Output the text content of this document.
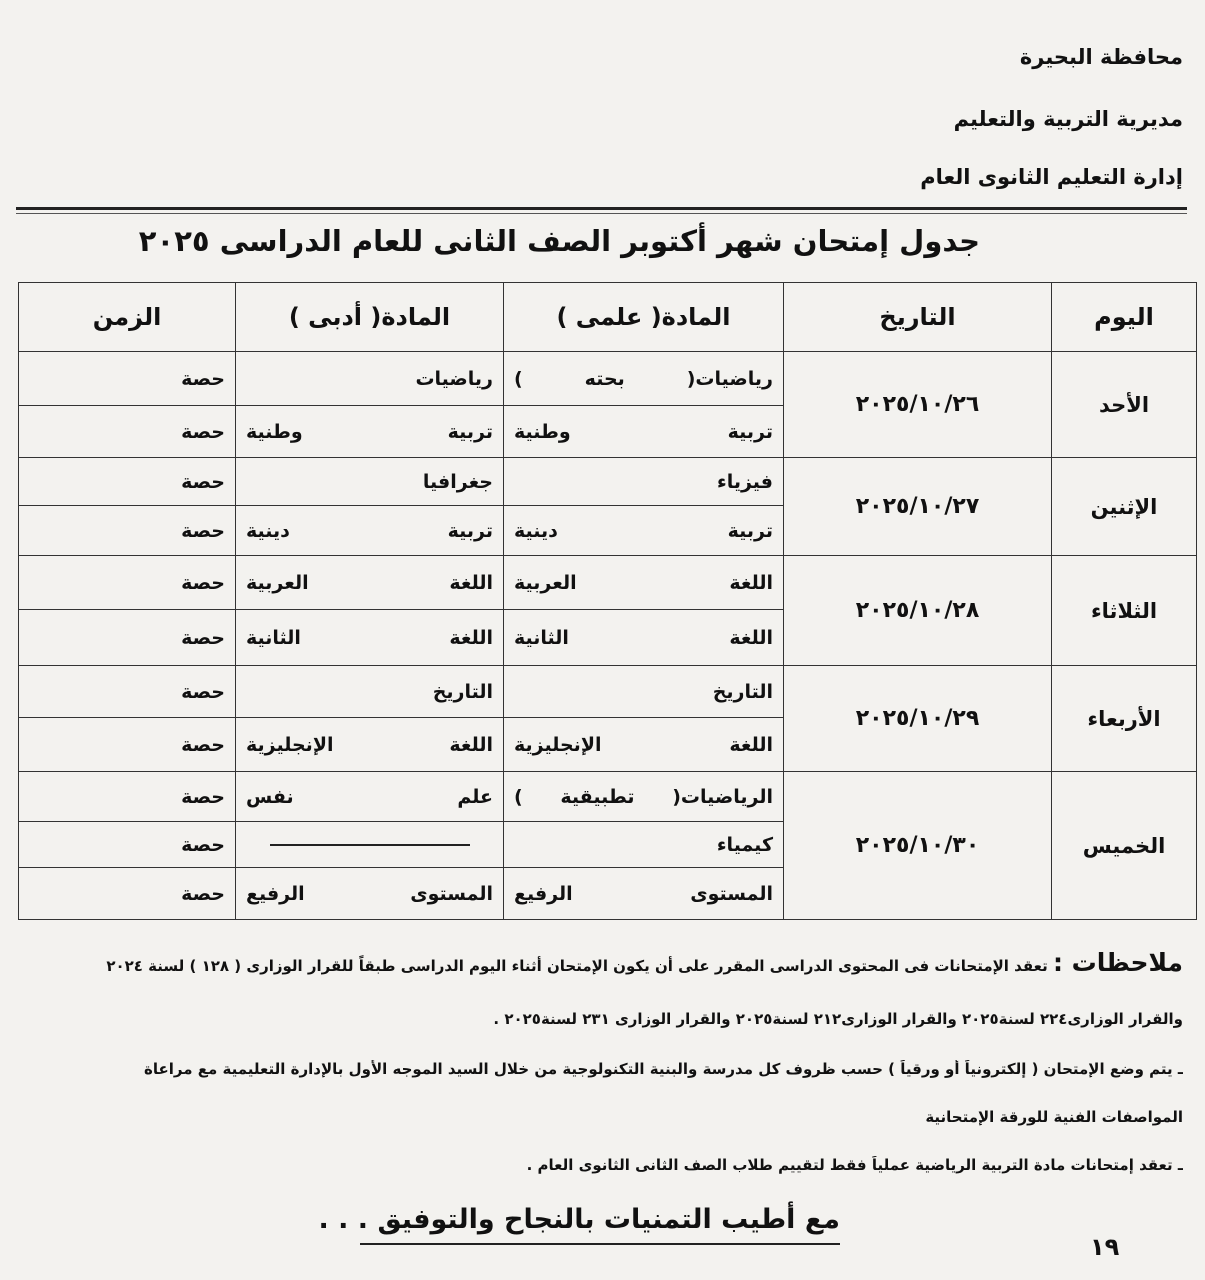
محافظة البحيرة
مديرية التربية والتعليم
إدارة التعليم الثانوى العام
جدول إمتحان شهر أكتوبر الصف الثانى للعام الدراسى ٢٠٢٥
اليوم	التاريخ	المادة( علمى )	المادة( أدبى )	الزمن
الأحد	٢٠٢٥/١٠/٢٦	رياضيات( بحته )	رياضيات	حصة
		تربية وطنية	تربية وطنية	حصة
الإثنين	٢٠٢٥/١٠/٢٧	فيزياء	جغرافيا	حصة
		تربية دينية	تربية دينية	حصة
الثلاثاء	٢٠٢٥/١٠/٢٨	اللغة العربية	اللغة العربية	حصة
		اللغة الثانية	اللغة الثانية	حصة
الأربعاء	٢٠٢٥/١٠/٢٩	التاريخ	التاريخ	حصة
		اللغة الإنجليزية	اللغة الإنجليزية	حصة
الخميس	٢٠٢٥/١٠/٣٠	الرياضيات( تطبيقية )	علم نفس	حصة
		كيمياء		حصة
		المستوى الرفيع	المستوى الرفيع	حصة
ملاحظات : تعقد الإمتحانات فى المحتوى الدراسى المقرر على أن يكون الإمتحان أثناء اليوم الدراسى طبقاً للقرار الوزارى ( ١٢٨ ) لسنة ٢٠٢٤
والقرار الوزارى٢٢٤ لسنة٢٠٢٥ والقرار الوزارى٢١٢ لسنة٢٠٢٥ والقرار الوزارى ٢٣١ لسنة٢٠٢٥ .
ـ يتم وضع الإمتحان ( إلكترونياً أو ورقياً ) حسب ظروف كل مدرسة والبنية التكنولوجية من خلال السيد الموجه الأول بالإدارة التعليمية مع مراعاة
المواصفات الفنية للورقة الإمتحانية
ـ تعقد إمتحانات مادة التربية الرياضية عملياً فقط لتقييم طلاب الصف الثانى الثانوى العام .
مع أطيب التمنيات بالنجاح والتوفيق . . .
١٩
